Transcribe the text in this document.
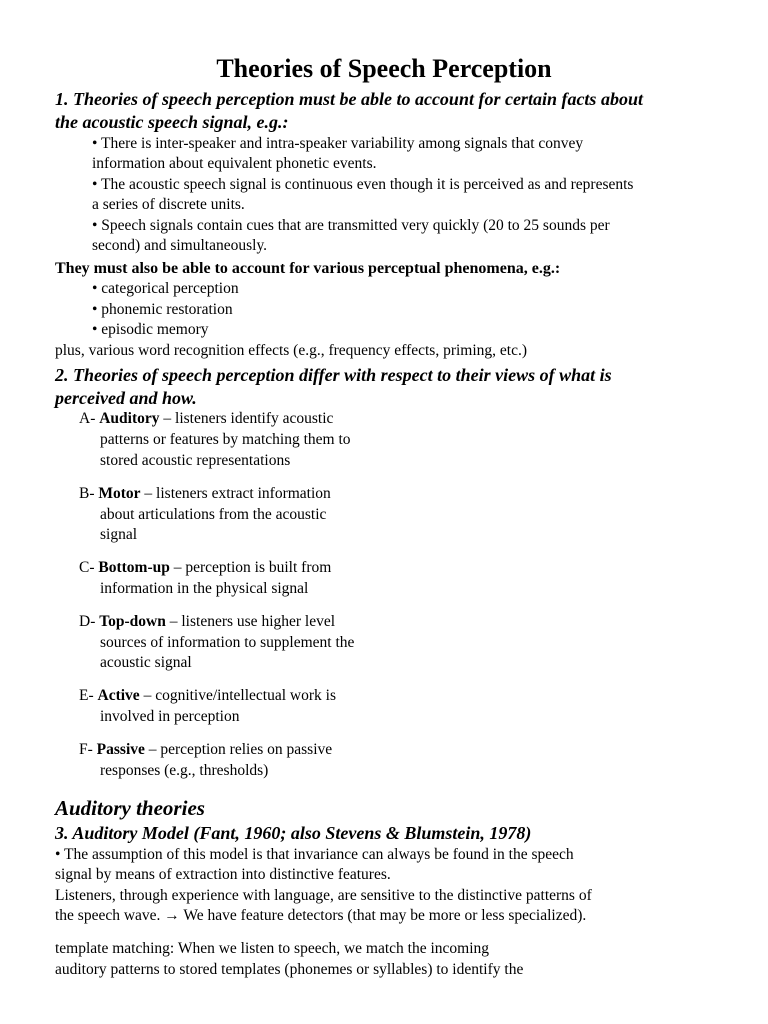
Theories of Speech Perception
1. Theories of speech perception must be able to account for certain facts about
the acoustic speech signal, e.g.:
• There is inter-speaker and intra-speaker variability among signals that convey
information about equivalent phonetic events.
• The acoustic speech signal is continuous even though it is perceived as and represents
a series of discrete units.
• Speech signals contain cues that are transmitted very quickly (20 to 25 sounds per
second) and simultaneously.
They must also be able to account for various perceptual phenomena, e.g.:
• categorical perception
• phonemic restoration
• episodic memory
plus, various word recognition effects (e.g., frequency effects, priming, etc.)
2. Theories of speech perception differ with respect to their views of what is
perceived and how.
A- Auditory – listeners identify acoustic
patterns or features by matching them to
stored acoustic representations
B- Motor – listeners extract information
about articulations from the acoustic
signal
C- Bottom-up – perception is built from
information in the physical signal
D- Top-down – listeners use higher level
sources of information to supplement the
acoustic signal
E- Active – cognitive/intellectual work is
involved in perception
F- Passive – perception relies on passive
responses (e.g., thresholds)
Auditory theories
3. Auditory Model (Fant, 1960; also Stevens & Blumstein, 1978)
• The assumption of this model is that invariance can always be found in the speech
signal by means of extraction into distinctive features.
Listeners, through experience with language, are sensitive to the distinctive patterns of
the speech wave. → We have feature detectors (that may be more or less specialized).
template matching: When we listen to speech, we match the incoming
auditory patterns to stored templates (phonemes or syllables) to identify the
